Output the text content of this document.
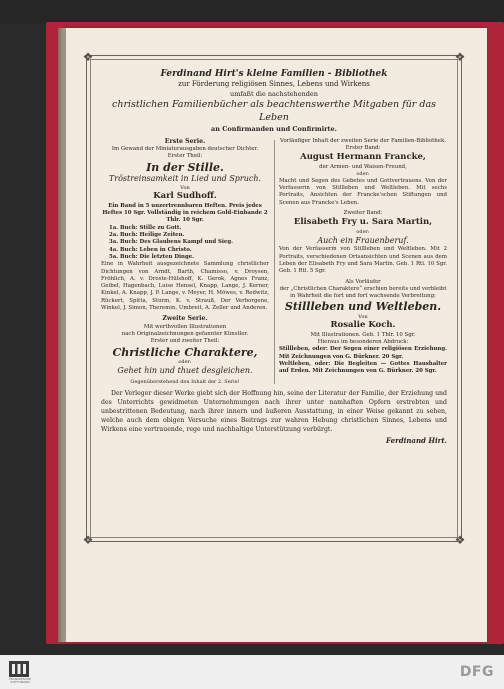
❖	❖
❖	❖
Ferdinand Hirt's kleine Familien - Bibliothek
zur Förderung religiösen Sinnes, Lebens und Wirkens
umfaßt die nachstehenden
christlichen Familienbücher als beachtenswerthe Mitgaben für das Leben
an Confirmanden und Confirmirte.
Erste Serie.
Im Gewand der Miniaturausgaben deutscher Dichter.
Erster Theil:
In der Stille.
Tröstreinsamkeit in Lied und Spruch.
Von
Karl Sudhoff.
Ein Band in 5 unzertrennbaren Heften. Preis jedes Heftes 10 Sgr. Vollständig in reichem Gold-Einbande 2 Thlr. 10 Sgr.
1a. Buch: Stille zu Gott.
2a. Buch: Heilige Zeiten.
3a. Buch: Des Glaubens Kampf und Sieg.
4a. Buch: Leben in Christo.
5a. Buch: Die letzten Dinge.
Eine in Wahrheit ausgezeichnete Sammlung christlicher Dichtungen von Arndt, Barth, Chamisso, v. Droysen, Fröhlich, A. v. Droste-Hülshoff, K. Gerok, Agnes Franz, Geibel, Hagenbach, Luise Hensel, Knapp, Lange, J. Kerner, Kinkel, A. Knapp, J. P. Lange, v. Meyer, H. Möwes, v. Redwitz, Rückert, Spitta, Sturm, K. v. Strauß, Der Verborgene, Winkel, J. Simon, Theremin, Umbreit, A. Zeller und Anderen.
Zweite Serie.
Mit werthvollen Illustrationen
nach Originalzeichnungen gefannter Künstler.
Erster und zweiter Theil:
Christliche Charaktere,
oder:
Gehet hin und thuet desgleichen.
Gegenüberstehend den Inhalt der 2. Serie!
Vorläufiger Inhalt der zweiten Serie der Familien-Bibliothek.
Erster Band:
August Hermann Francke,
der Armen- und Waisen-Freund,
oder:
Macht und Segen des Gebetes und Gottvertrauens. Von der Verfasserin von Stillleben und Weltleben. Mit sechs Portraits, Ansichten der Francke'schen Stiftungen und Scenen aus Francke's Leben.
Zweiter Band:
Elisabeth Fry u. Sara Martin,
oder:
Auch ein Frauenberuf.
Von der Verfasserin von Stillleben und Weltleben. Mit 2 Portraits, verschiedenen Ortsansichten und Scenen aus dem Leben der Elisabeth Fry und Sara Martin. Geb. 1 Rtl. 10 Sgr. Geb. 1 Rtl. 5 Sgr.
Als Vorläufer
der „Christlichen Charaktere“ erschien bereits und verbleibt in Wahrheit die fort und fort wachsende Verbreitung:
Stillleben und Weltleben.
Von
Rosalie Koch.
Mit Illustrationen. Geb. 1 Thlr. 10 Sgr.
Hieraus im besonderen Abdruck:
Stillleben, oder: Der Segen einer religiösen Erziehung. Mit Zeichnungen von G. Bürkner. 20 Sgr.
Weltleben, oder: Die Begleiten — Gottes Haushalter auf Erden. Mit Zeichnungen von G. Bürkner. 20 Sgr.
Der Verleger dieser Werke giebt sich der Hoffnung hin, seine der Literatur der Familie, der Erziehung und des Unterrichts gewidmeten Unternehmungen nach ihrer unter namhaften Opfern erstrebten und unbestrittenen Bedeutung, nach ihrer innern und äußeren Ausstattung, in einer Weise gekannt zu sehen, welche auch dem obigen Versuche eines Beitrags zur wahren Hebung christlichen Sinnes, Lebens und Wirkens eine vertrauende, rege und nachhaltige Unterstützung verbürgt.
Ferdinand Hirt.
FRANCKESCHE STIFTUNGEN
DFG
